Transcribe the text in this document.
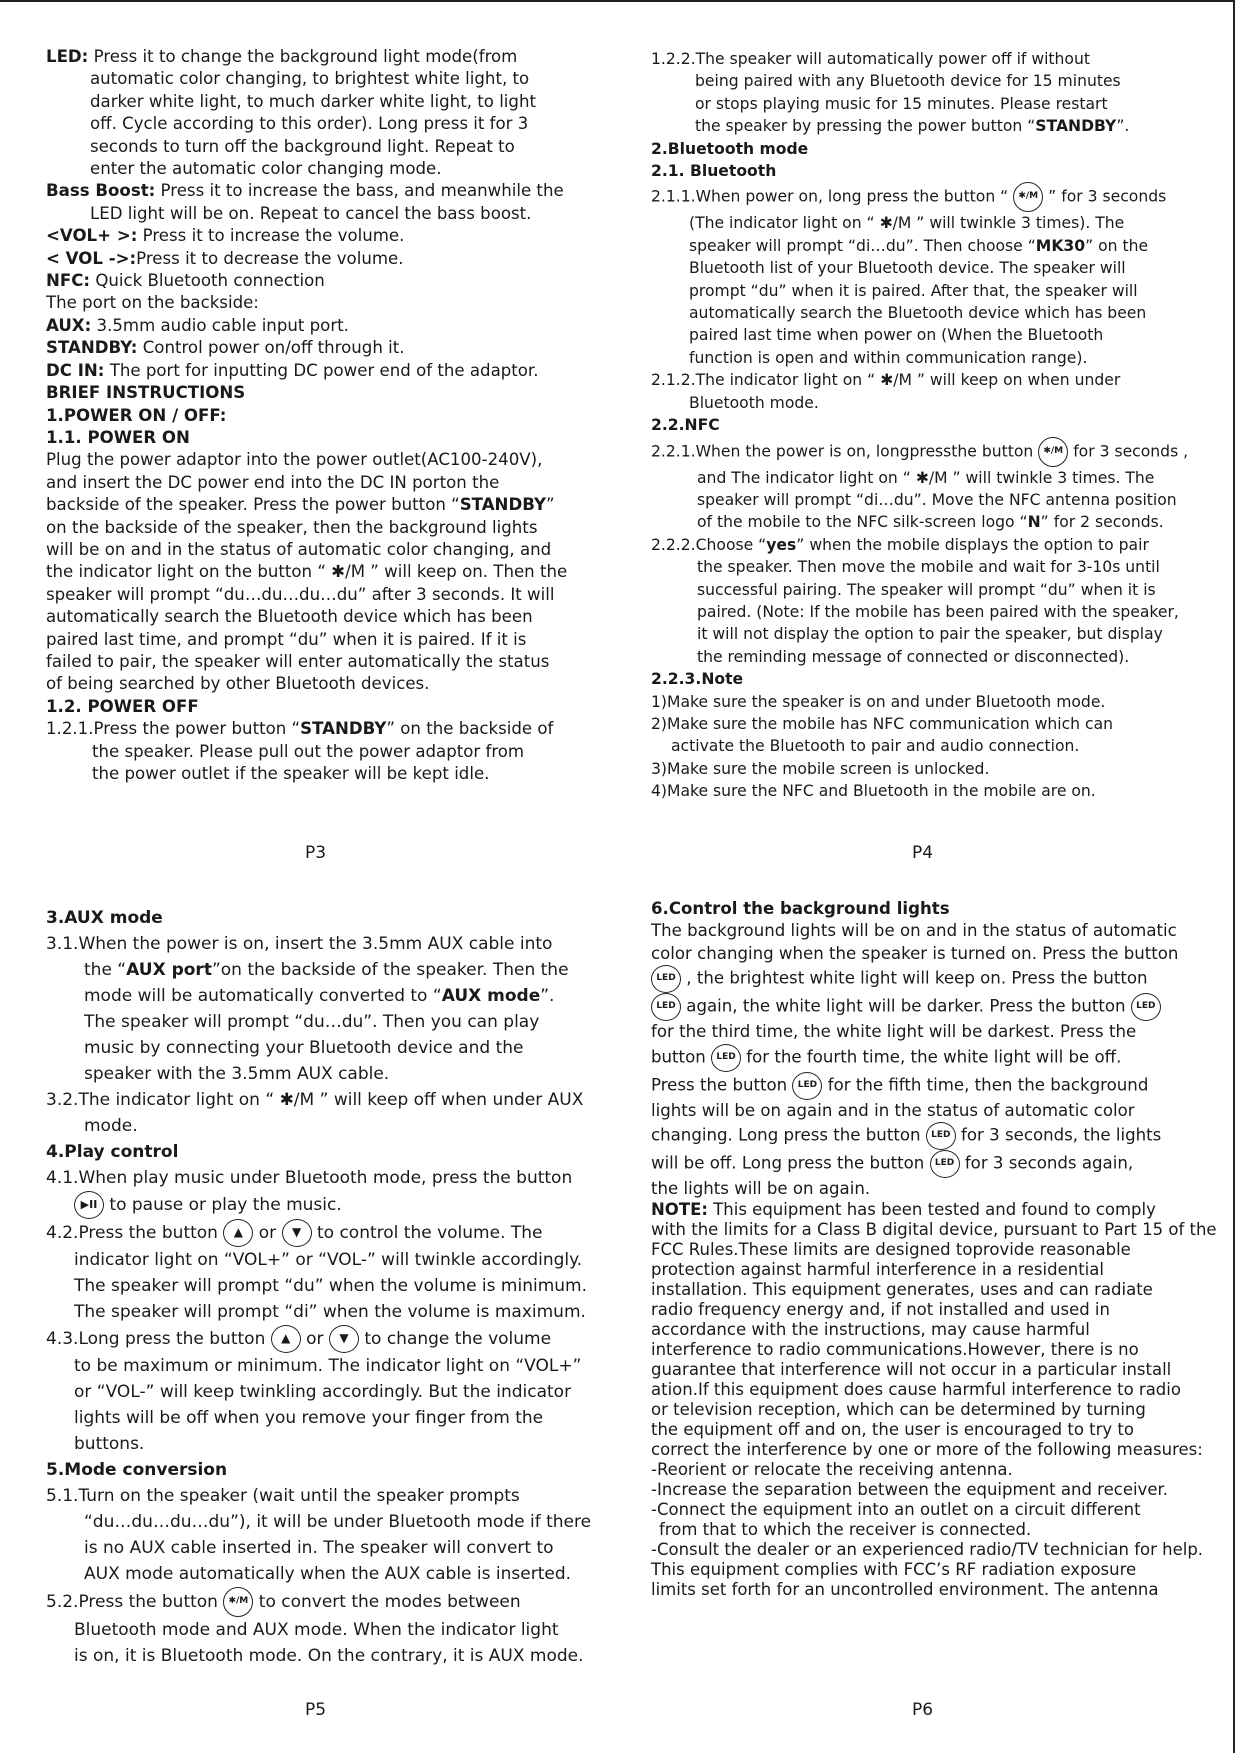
LED: Press it to change the background light mode(from
automatic color changing, to brightest white light, to
darker white light, to much darker white light, to light
off. Cycle according to this order). Long press it for 3
seconds to turn off the background light. Repeat to
enter the automatic color changing mode.
Bass Boost: Press it to increase the bass, and meanwhile the
LED light will be on. Repeat to cancel the bass boost.
<VOL+ >: Press it to increase the volume.
< VOL ->:Press it to decrease the volume.
NFC: Quick Bluetooth connection
The port on the backside:
AUX: 3.5mm audio cable input port.
STANDBY: Control power on/off through it.
DC IN: The port for inputting DC power end of the adaptor.
BRIEF INSTRUCTIONS
1.POWER ON / OFF:
1.1. POWER ON
Plug the power adaptor into the power outlet(AC100-240V),
and insert the DC power end into the DC IN porton the
backside of the speaker. Press the power button “STANDBY”
on the backside of the speaker, then the background lights
will be on and in the status of automatic color changing, and
the indicator light on the button “ ✱/M ” will keep on. Then the
speaker will prompt “du…du…du…du” after 3 seconds. It will
automatically search the Bluetooth device which has been
paired last time, and prompt “du” when it is paired. If it is
failed to pair, the speaker will enter automatically the status
of being searched by other Bluetooth devices.
1.2. POWER OFF
1.2.1.Press the power button “STANDBY” on the backside of
the speaker. Please pull out the power adaptor from
the power outlet if the speaker will be kept idle.
1.2.2.The speaker will automatically power off if without
being paired with any Bluetooth device for 15 minutes
or stops playing music for 15 minutes. Please restart
the speaker by pressing the power button “STANDBY”.
2.Bluetooth mode
2.1. Bluetooth
2.1.1.When power on, long press the button “ ✱/M ” for 3 seconds
(The indicator light on “ ✱/M ” will twinkle 3 times). The
speaker will prompt “di…du”. Then choose “MK30” on the
Bluetooth list of your Bluetooth device. The speaker will
prompt “du” when it is paired. After that, the speaker will
automatically search the Bluetooth device which has been
paired last time when power on (When the Bluetooth
function is open and within communication range).
2.1.2.The indicator light on “ ✱/M ” will keep on when under
Bluetooth mode.
2.2.NFC
2.2.1.When the power is on, longpressthe button ✱/M for 3 seconds ,
and The indicator light on “ ✱/M ” will twinkle 3 times. The
speaker will prompt “di…du”. Move the NFC antenna position
of the mobile to the NFC silk-screen logo “N” for 2 seconds.
2.2.2.Choose “yes” when the mobile displays the option to pair
the speaker. Then move the mobile and wait for 3-10s until
successful pairing. The speaker will prompt “du” when it is
paired. (Note: If the mobile has been paired with the speaker,
it will not display the option to pair the speaker, but display
the reminding message of connected or disconnected).
2.2.3.Note
1)Make sure the speaker is on and under Bluetooth mode.
2)Make sure the mobile has NFC communication which can
activate the Bluetooth to pair and audio connection.
3)Make sure the mobile screen is unlocked.
4)Make sure the NFC and Bluetooth in the mobile are on.
3.AUX mode
3.1.When the power is on, insert the 3.5mm AUX cable into
the “AUX port”on the backside of the speaker. Then the
mode will be automatically converted to “AUX mode”.
The speaker will prompt “du…du”. Then you can play
music by connecting your Bluetooth device and the
speaker with the 3.5mm AUX cable.
3.2.The indicator light on “ ✱/M ” will keep off when under AUX
mode.
4.Play control
4.1.When play music under Bluetooth mode, press the button
▶II to pause or play the music.
4.2.Press the button ▲ or ▼ to control the volume. The
indicator light on “VOL+” or “VOL-” will twinkle accordingly.
The speaker will prompt “du” when the volume is minimum.
The speaker will prompt “di” when the volume is maximum.
4.3.Long press the button ▲ or ▼ to change the volume
to be maximum or minimum. The indicator light on “VOL+”
or “VOL-” will keep twinkling accordingly. But the indicator
lights will be off when you remove your finger from the
buttons.
5.Mode conversion
5.1.Turn on the speaker (wait until the speaker prompts
“du…du…du…du”), it will be under Bluetooth mode if there
is no AUX cable inserted in. The speaker will convert to
AUX mode automatically when the AUX cable is inserted.
5.2.Press the button ✱/M to convert the modes between
Bluetooth mode and AUX mode. When the indicator light
is on, it is Bluetooth mode. On the contrary, it is AUX mode.
6.Control the background lights
The background lights will be on and in the status of automatic
color changing when the speaker is turned on. Press the button
LED , the brightest white light will keep on. Press the button
LED again, the white light will be darker. Press the button LED
for the third time, the white light will be darkest. Press the
button LED for the fourth time, the white light will be off.
Press the button LED for the fifth time, then the background
lights will be on again and in the status of automatic color
changing. Long press the button LED for 3 seconds, the lights
will be off. Long press the button LED for 3 seconds again,
the lights will be on again.
NOTE: This equipment has been tested and found to comply
with the limits for a Class B digital device, pursuant to Part 15 of the
FCC Rules.These limits are designed toprovide reasonable
protection against harmful interference in a residential
installation. This equipment generates, uses and can radiate
radio frequency energy and, if not installed and used in
accordance with the instructions, may cause harmful
interference to radio communications.However, there is no
guarantee that interference will not occur in a particular install
ation.If this equipment does cause harmful interference to radio
or television reception, which can be determined by turning
the equipment off and on, the user is encouraged to try to
correct the interference by one or more of the following measures:
-Reorient or relocate the receiving antenna.
-Increase the separation between the equipment and receiver.
-Connect the equipment into an outlet on a circuit different
from that to which the receiver is connected.
-Consult the dealer or an experienced radio/TV technician for help.
This equipment complies with FCC’s RF radiation exposure
limits set forth for an uncontrolled environment. The antenna
P3	P4
P5	P6
